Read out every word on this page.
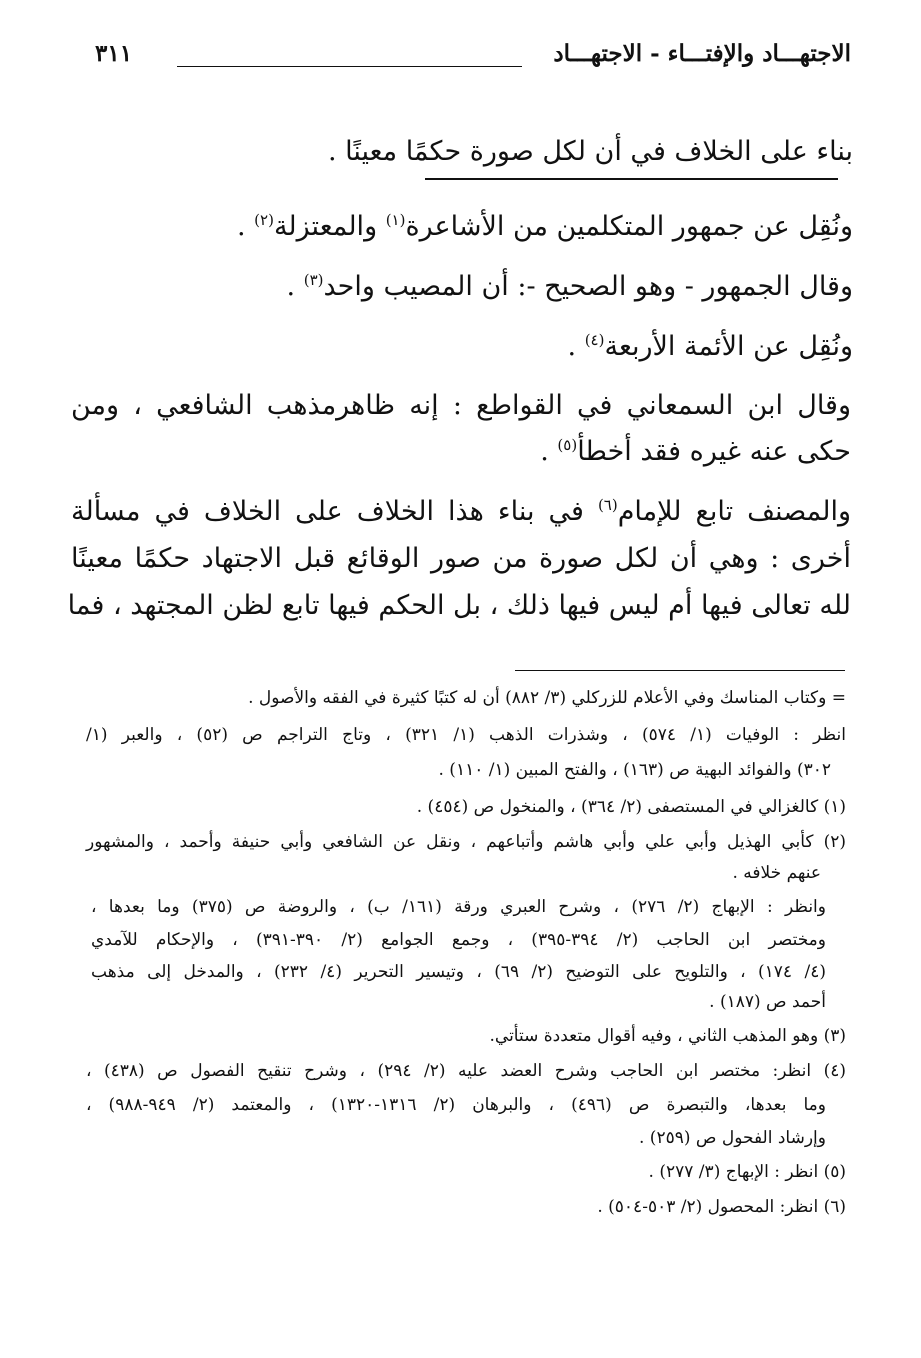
الاجتهـــاد والإفتـــاء - الاجتهـــاد
٣١١
بناء على الخلاف في أن لكل صورة حكمًا معينًا .
ونُقِل عن جمهور المتكلمين من الأشاعرة$^{(١)}$ والمعتزلة$^{(٢)}$ .
وقال الجمهور - وهو الصحيح -: أن المصيب واحد$^{(٣)}$ .
ونُقِل عن الأئمة الأربعة$^{(٤)}$ .
وقال ابن السمعاني في القواطع : إنه ظاهرمذهب الشافعي ، ومن
حكى عنه غيره فقد أخطأ$^{(٥)}$ .
والمصنف تابع للإمام$^{(٦)}$ في بناء هذا الخلاف على الخلاف في مسألة
أخرى : وهي أن لكل صورة من صور الوقائع قبل الاجتهاد حكمًا معينًا
لله تعالى فيها أم ليس فيها ذلك ، بل الحكم فيها تابع لظن المجتهد ، فما
= وكتاب المناسك وفي الأعلام للزركلي (٣/ ٨٨٢) أن له كتبًا كثيرة في الفقه والأصول .
انظر : الوفيات (١/ ٥٧٤) ، وشذرات الذهب (١/ ٣٢١) ، وتاج التراجم ص (٥٢) ، والعبر (١/
٣٠٢) والفوائد البهية ص (١٦٣) ، والفتح المبين (١/ ١١٠) .
(١) كالغزالي في المستصفى (٢/ ٣٦٤) ، والمنخول ص (٤٥٤) .
(٢) كأبي الهذيل وأبي علي وأبي هاشم وأتباعهم ، ونقل عن الشافعي وأبي حنيفة وأحمد ، والمشهور
عنهم خلافه .
وانظر : الإبهاج (٢/ ٢٧٦) ، وشرح العبري ورقة (١٦١/ ب) ، والروضة ص (٣٧٥) وما بعدها ،
ومختصر ابن الحاجب (٢/ ٣٩٤-٣٩٥) ، وجمع الجوامع (٢/ ٣٩٠-٣٩١) ، والإحكام للآمدي
(٤/ ١٧٤) ، والتلويح على التوضيح (٢/ ٦٩) ، وتيسير التحرير (٤/ ٢٣٢) ، والمدخل إلى مذهب
أحمد ص (١٨٧) .
(٣) وهو المذهب الثاني ، وفيه أقوال متعددة ستأتي.
(٤) انظر: مختصر ابن الحاجب وشرح العضد عليه (٢/ ٢٩٤) ، وشرح تنقيح الفصول ص (٤٣٨) ،
وما بعدها، والتبصرة ص (٤٩٦) ، والبرهان (٢/ ١٣١٦-١٣٢٠) ، والمعتمد (٢/ ٩٤٩-٩٨٨) ،
وإرشاد الفحول ص (٢٥٩) .
(٥) انظر : الإبهاج (٣/ ٢٧٧) .
(٦) انظر: المحصول (٢/ ٥٠٣-٥٠٤) .
